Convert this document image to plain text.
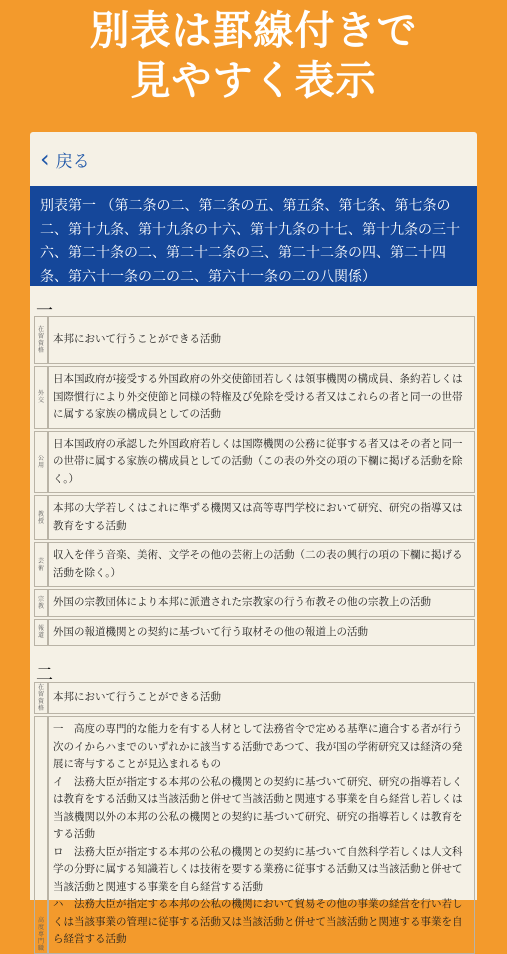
別表は罫線付きで
見やすく表示
‹ 戻る
別表第一 （第二条の二、第二条の五、第五条、第七条、第七条の二、第十九条、第十九条の十六、第十九条の十七、第十九条の三十六、第二十条の二、第二十二条の三、第二十二条の四、第二十四条、第六十一条の二の二、第六十一条の二の八関係）
一
在留資格	本邦において行うことができる活動

外交	日本国政府が接受する外国政府の外交使節団若しくは領事機関の構成員、条約若しくは国際慣行により外交使節と同様の特権及び免除を受ける者又はこれらの者と同一の世帯に属する家族の構成員としての活動

公用	日本国政府の承認した外国政府若しくは国際機関の公務に従事する者又はその者と同一の世帯に属する家族の構成員としての活動（この表の外交の項の下欄に掲げる活動を除く。）

教授	本邦の大学若しくはこれに準ずる機関又は高等専門学校において研究、研究の指導又は教育をする活動

芸術	収入を伴う音楽、美術、文学その他の芸術上の活動（二の表の興行の項の下欄に掲げる活動を除く。）

宗教	外国の宗教団体により本邦に派遣された宗教家の行う布教その他の宗教上の活動

報道	外国の報道機関との契約に基づいて行う取材その他の報道上の活動
二
在留資格	本邦において行うことができる活動

高度専門職	一　高度の専門的な能力を有する人材として法務省令で定める基準に適合する者が行う次のイからハまでのいずれかに該当する活動であつて、我が国の学術研究又は経済の発展に寄与することが見込まれるもの
イ　法務大臣が指定する本邦の公私の機関との契約に基づいて研究、研究の指導若しくは教育をする活動又は当該活動と併せて当該活動と関連する事業を自ら経営し若しくは当該機関以外の本邦の公私の機関との契約に基づいて研究、研究の指導若しくは教育をする活動
ロ　法務大臣が指定する本邦の公私の機関との契約に基づいて自然科学若しくは人文科学の分野に属する知識若しくは技術を要する業務に従事する活動又は当該活動と併せて当該活動と関連する事業を自ら経営する活動
ハ　法務大臣が指定する本邦の公私の機関において貿易その他の事業の経営を行い若しくは当該事業の管理に従事する活動又は当該活動と併せて当該活動と関連する事業を自ら経営する活動
